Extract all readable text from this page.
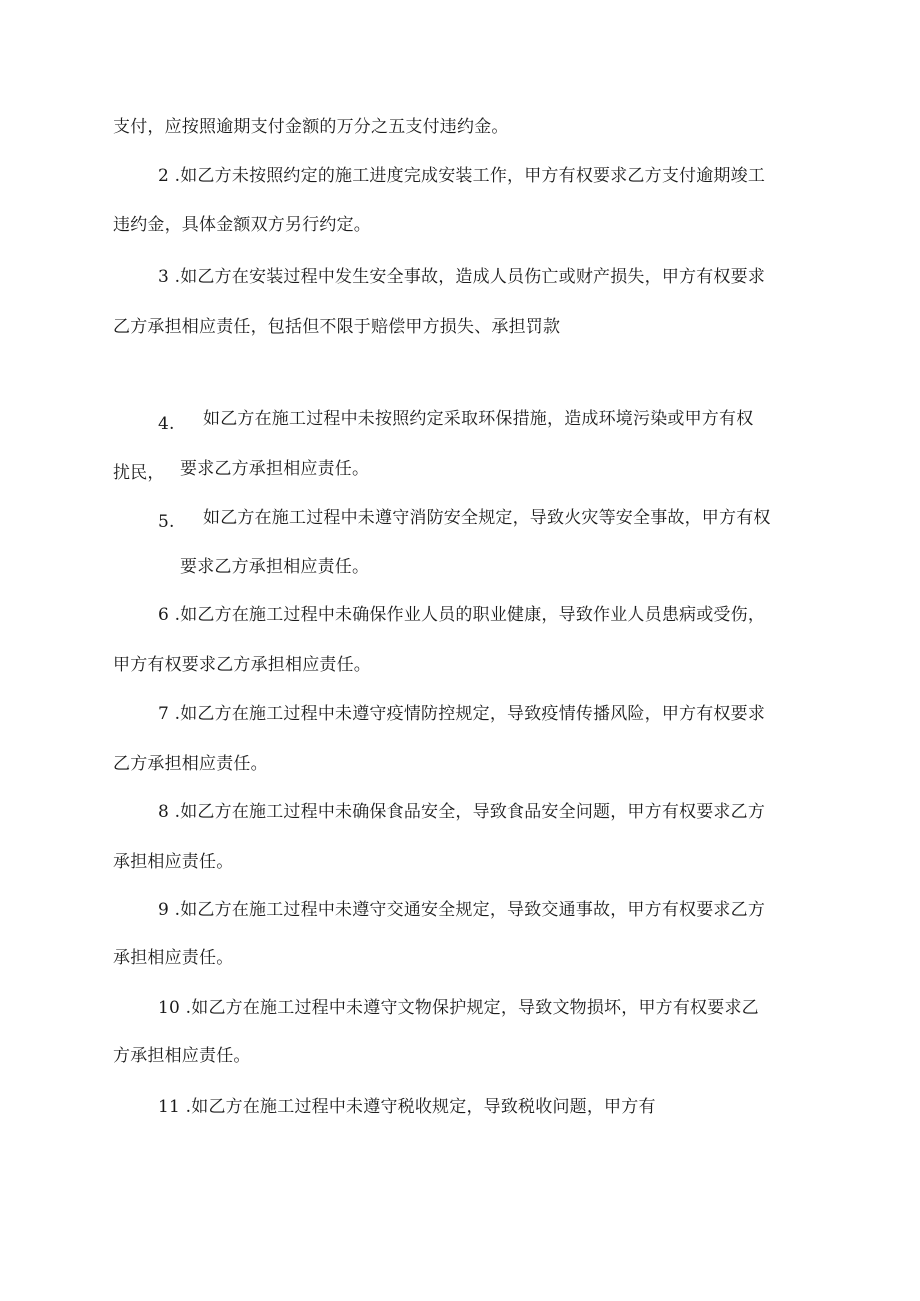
支付，应按照逾期支付金额的万分之五支付违约金。
2 .如乙方未按照约定的施工进度完成安装工作，甲方有权要求乙方支付逾期竣工
违约金，具体金额双方另行约定。
3 .如乙方在安装过程中发生安全事故，造成人员伤亡或财产损失，甲方有权要求
乙方承担相应责任，包括但不限于赔偿甲方损失、承担罚款
4. 如乙方在施工过程中未按照约定采取环保措施，造成环境污染或甲方有权
扰民， 要求乙方承担相应责任。
5. 如乙方在施工过程中未遵守消防安全规定，导致火灾等安全事故，甲方有权
要求乙方承担相应责任。
6 .如乙方在施工过程中未确保作业人员的职业健康，导致作业人员患病或受伤，
甲方有权要求乙方承担相应责任。
7 .如乙方在施工过程中未遵守疫情防控规定，导致疫情传播风险，甲方有权要求
乙方承担相应责任。
8 .如乙方在施工过程中未确保食品安全，导致食品安全问题，甲方有权要求乙方
承担相应责任。
9 .如乙方在施工过程中未遵守交通安全规定，导致交通事故，甲方有权要求乙方
承担相应责任。
10 .如乙方在施工过程中未遵守文物保护规定，导致文物损坏，甲方有权要求乙
方承担相应责任。
11 .如乙方在施工过程中未遵守税收规定，导致税收问题，甲方有
